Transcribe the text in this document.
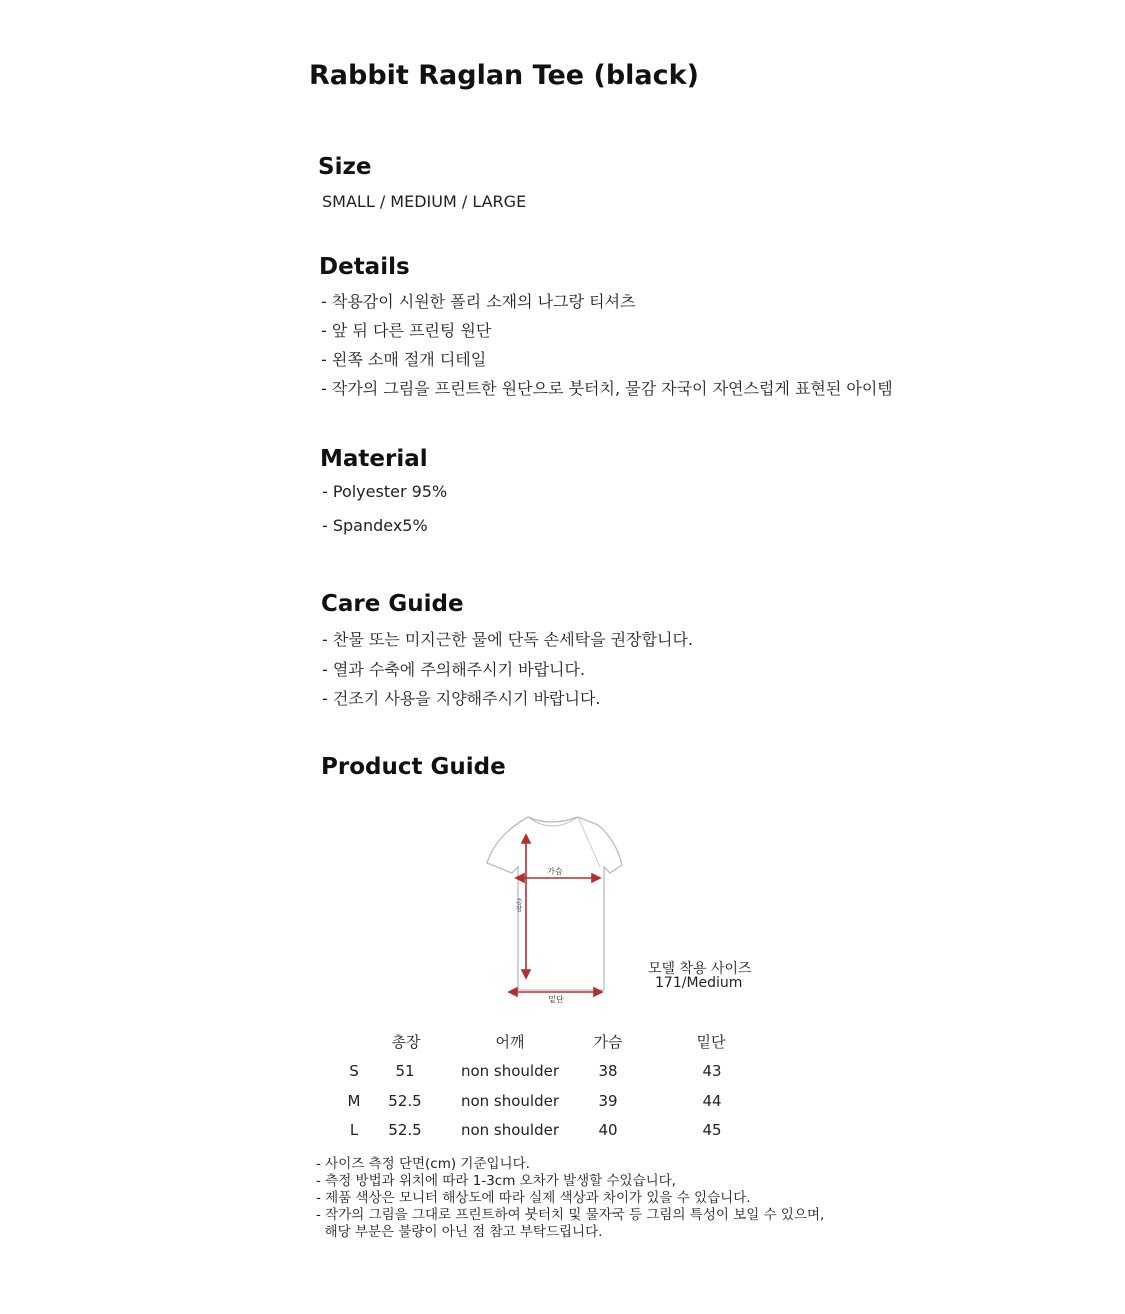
Rabbit Raglan Tee (black)
Size
SMALL / MEDIUM / LARGE
Details
- 착용감이 시원한 폴리 소재의 나그랑 티셔츠
- 앞 뒤 다른 프린팅 원단
- 왼쪽 소매 절개 디테일
- 작가의 그림을 프린트한 원단으로 붓터치, 물감 자국이 자연스럽게 표현된 아이템
Material
- Polyester 95%
- Spandex5%
Care Guide
- 찬물 또는 미지근한 물에 단독 손세탁을 권장합니다.
- 열과 수축에 주의해주시기 바랍니다.
- 건조기 사용을 지양해주시기 바랍니다.
Product Guide
가슴
총장
밑단
모델 착용 사이즈
171/Medium
총장	어깨	가슴	밑단
S 51	non shoulder	38	43
M 52.5	non shoulder	39	44
L 52.5	non shoulder	40	45
- 사이즈 측정 단면(cm) 기준입니다.
- 측정 방법과 위치에 따라 1-3cm 오차가 발생할 수있습니다,
- 제품 색상은 모니터 해상도에 따라 실제 색상과 차이가 있을 수 있습니다.
- 작가의 그림을 그대로 프린트하여 붓터치 및 물자국 등 그림의 특성이 보일 수 있으며,
해당 부분은 불량이 아닌 점 참고 부탁드립니다.
